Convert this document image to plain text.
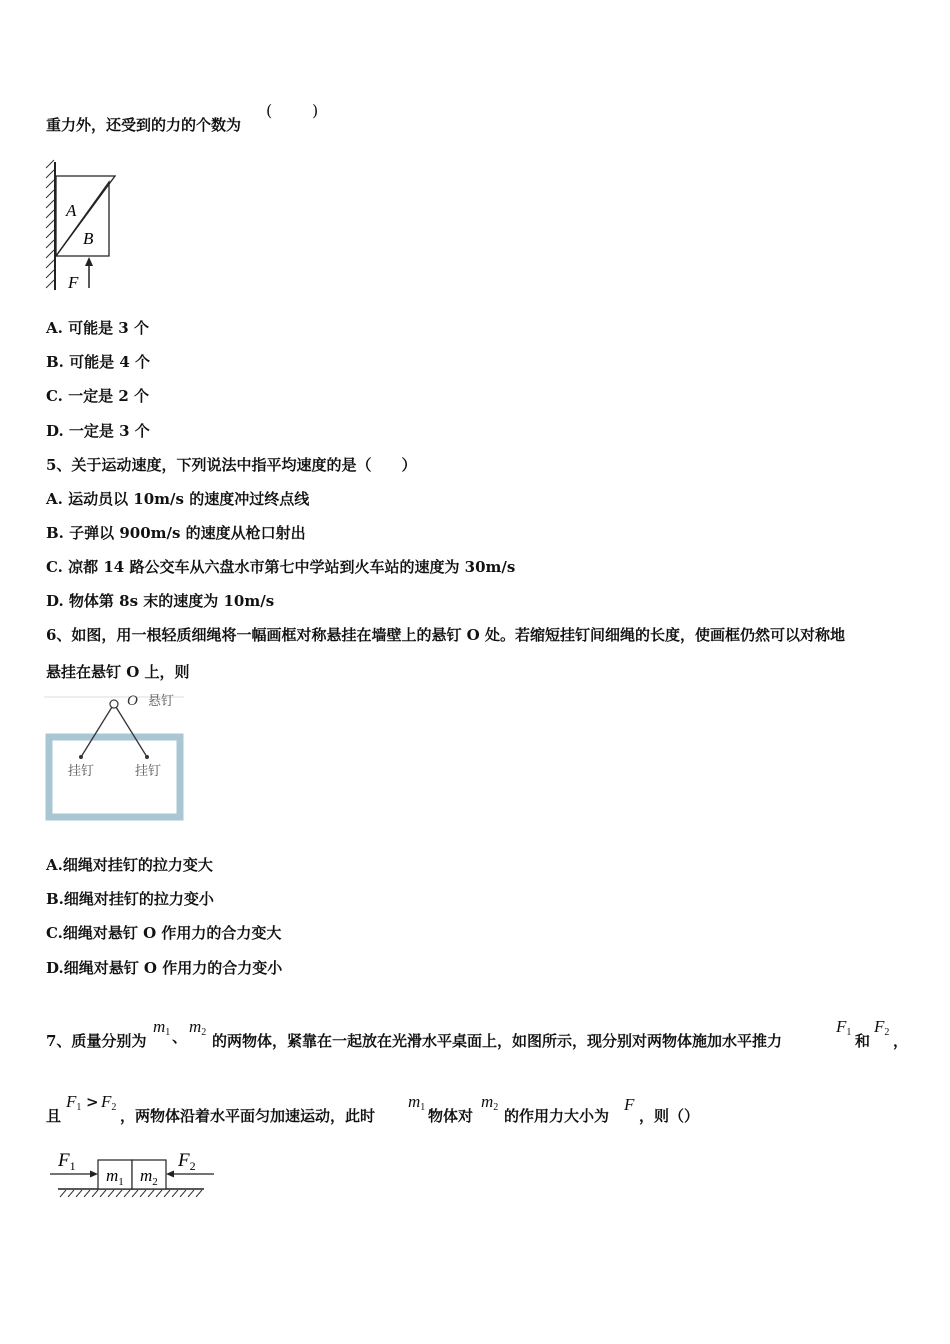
重力外，还受到的力的个数为
( )
A
B
F
A. 可能是 3 个
B. 可能是 4 个
C. 一定是 2 个
D. 一定是 3 个
5、关于运动速度，下列说法中指平均速度的是（　　）
A. 运动员以 10m/s 的速度冲过终点线
B. 子弹以 900m/s 的速度从枪口射出
C. 凉都 14 路公交车从六盘水市第七中学站到火车站的速度为 30m/s
D. 物体第 8s 末的速度为 10m/s
6、如图，用一根轻质细绳将一幅画框对称悬挂在墙壁上的悬钉 O 处。若缩短挂钉间细绳的长度，使画框仍然可以对称地
悬挂在悬钉 O 上，则
O 悬钉
挂钉	挂钉
A.细绳对挂钉的拉力变大
B.细绳对挂钉的拉力变小
C.细绳对悬钉 O 作用力的合力变大
D.细绳对悬钉 O 作用力的合力变小
7、质量分别为
$m_1$ 、
$m_2$ 的两物体，紧靠在一起放在光滑水平桌面上，如图所示，现分别对两物体施加水平推力
$F_1$ 和
$F_2$ ，
且
$F_1 > F_2$ ，两物体沿着水平面匀加速运动，此时
$m_1$ 物体对
$m_2$ 的作用力大小为
F
，则（）
$F_1$ $m_1$ $m_2$
$F_2$
